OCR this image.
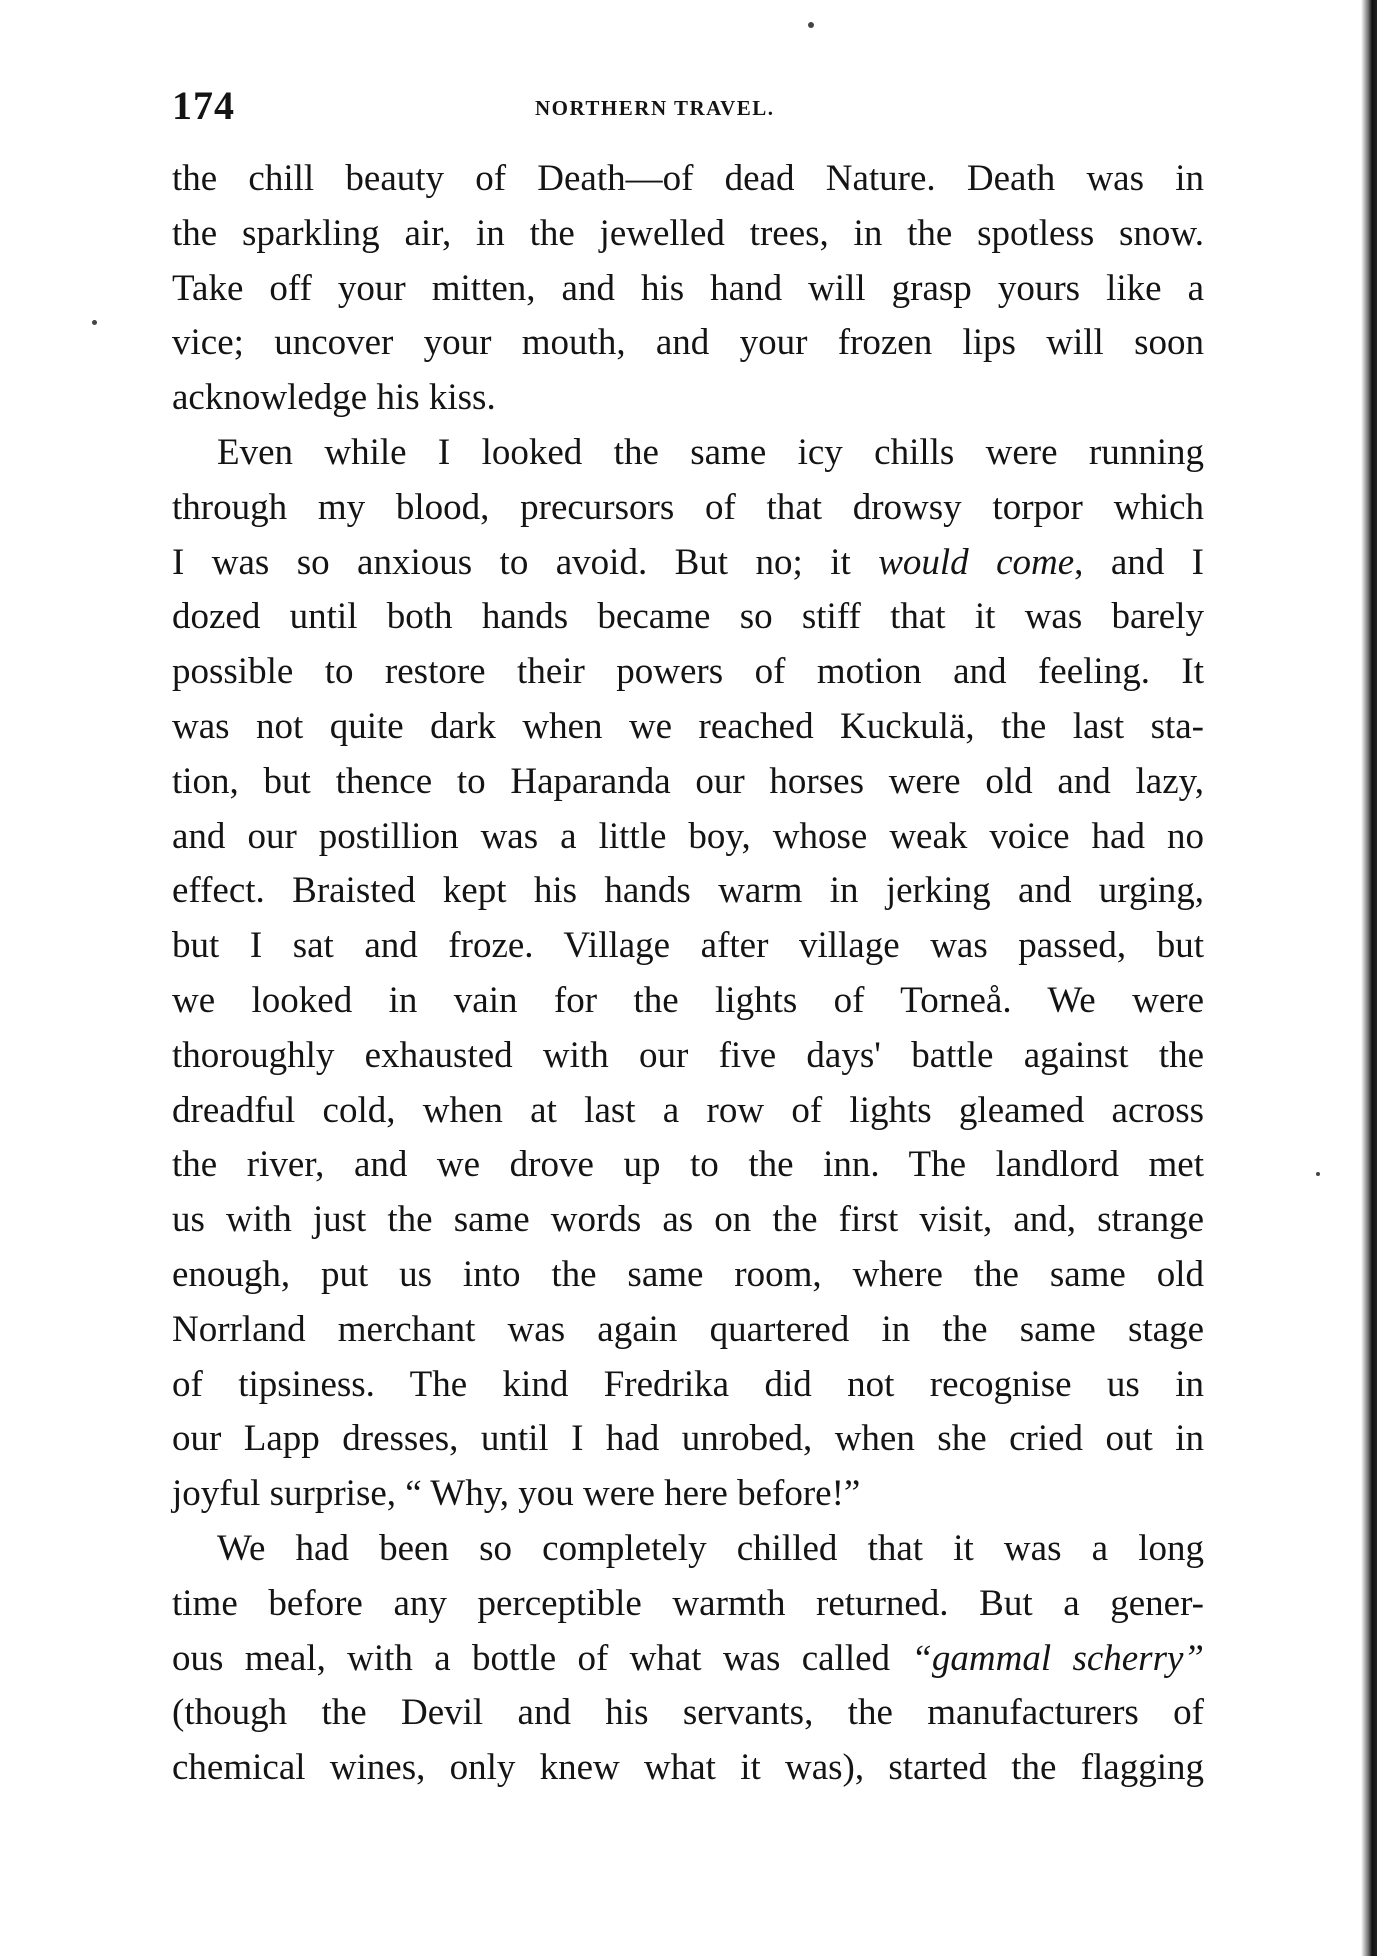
174	NORTHERN TRAVEL.
the chill beauty of Death—of dead Nature. Death was in
the sparkling air, in the jewelled trees, in the spotless snow.
Take off your mitten, and his hand will grasp yours like a
vice; uncover your mouth, and your frozen lips will soon
acknowledge his kiss.
Even while I looked the same icy chills were running
through my blood, precursors of that drowsy torpor which
I was so anxious to avoid. But no; it would come, and I
dozed until both hands became so stiff that it was barely
possible to restore their powers of motion and feeling. It
was not quite dark when we reached Kuckulä, the last sta-
tion, but thence to Haparanda our horses were old and lazy,
and our postillion was a little boy, whose weak voice had no
effect. Braisted kept his hands warm in jerking and urging,
but I sat and froze. Village after village was passed, but
we looked in vain for the lights of Torneå. We were
thoroughly exhausted with our five days' battle against the
dreadful cold, when at last a row of lights gleamed across
the river, and we drove up to the inn. The landlord met
us with just the same words as on the first visit, and, strange
enough, put us into the same room, where the same old
Norrland merchant was again quartered in the same stage
of tipsiness. The kind Fredrika did not recognise us in
our Lapp dresses, until I had unrobed, when she cried out in
joyful surprise, “ Why, you were here before!”
We had been so completely chilled that it was a long
time before any perceptible warmth returned. But a gener-
ous meal, with a bottle of what was called “gammal scherry”
(though the Devil and his servants, the manufacturers of
chemical wines, only knew what it was), started the flagging
